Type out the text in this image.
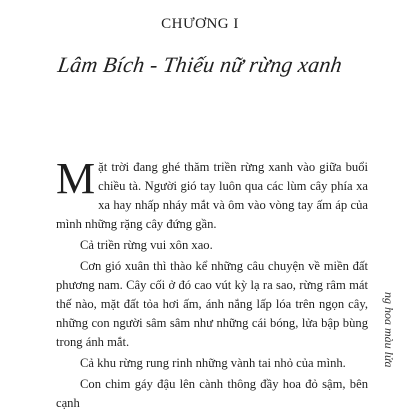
CHƯƠNG I
Lâm Bích - Thiếu nữ rừng xanh

Mặt trời đang ghé thăm triền rừng xanh vào giữa buổi chiều tà. Người gió tay luôn qua các lùm cây phía xa xa hay nhấp nháy mắt và ôm vào vòng tay ấm áp của mình những rặng cây đứng gần.

Cả triền rừng vui xôn xao.

Cơn gió xuân thì thào kể những câu chuyện về miền đất phương nam. Cây cối ở đó cao vút kỳ lạ ra sao, rừng râm mát thế nào, mặt đất tỏa hơi ấm, ánh nắng lấp lóa trên ngọn cây, những con người sâm sâm như những cái bóng, lửa bập bùng trong ánh mắt.

Cả khu rừng rung rinh những vành tai nhỏ của mình.

Con chim gáy đậu lên cành thông đầy hoa đỏ sậm, bên cạnh

ng hoa màu lửa
